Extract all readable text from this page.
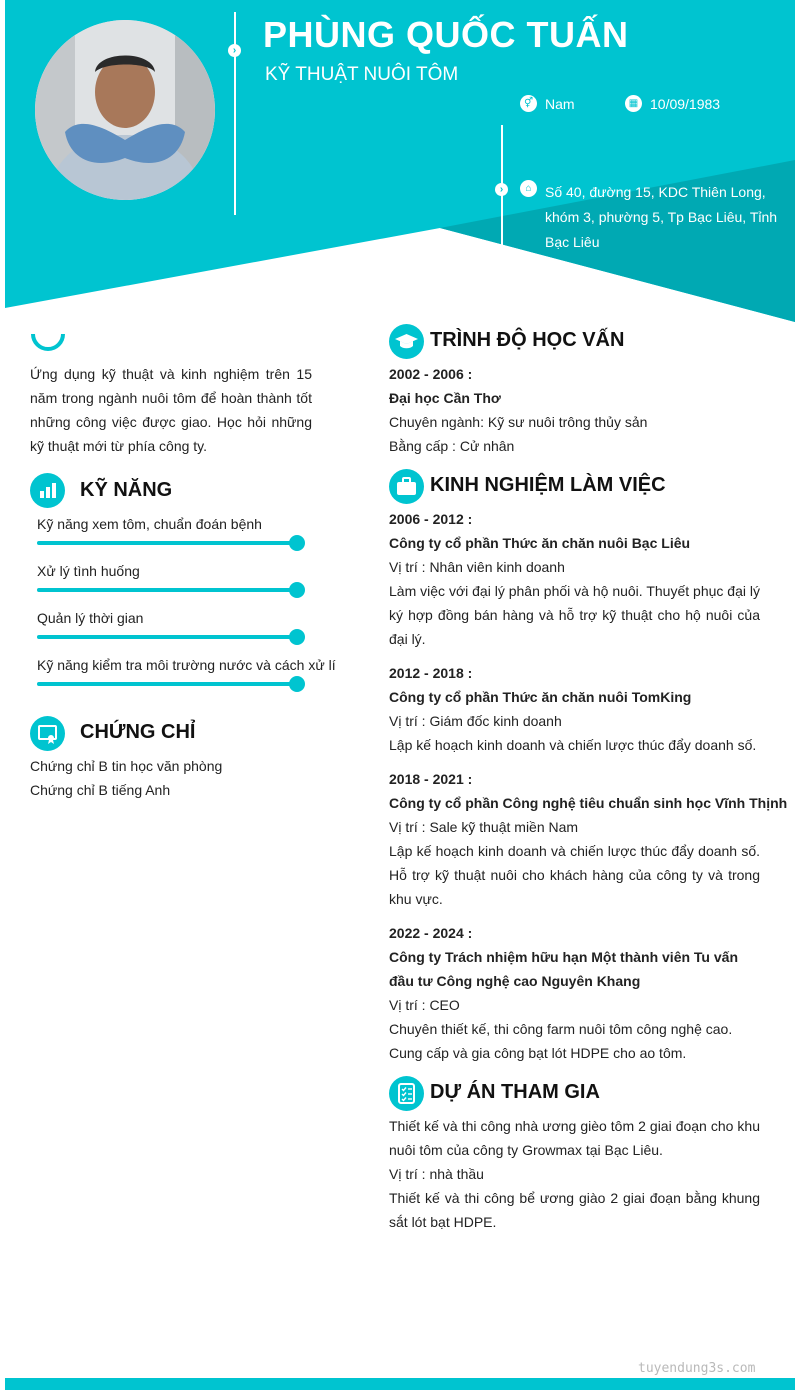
› PHÙNG QUỐC TUẤN
KỸ THUẬT NUÔI TÔM
⚥ Nam	▦ 10/09/1983
›	⌂ Số 40, đường 15, KDC Thiên Long, khóm 3, phường 5, Tp Bạc Liêu, Tỉnh Bạc Liêu
Ứng dụng kỹ thuật và kinh nghiệm trên 15 năm trong ngành nuôi tôm để hoàn thành tốt những công việc được giao. Học hỏi những kỹ thuật mới từ phía công ty.
KỸ NĂNG
Kỹ năng xem tôm, chuẩn đoán bệnh
Xử lý tình huống
Quản lý thời gian
Kỹ năng kiểm tra môi trường nước và cách xử lí
CHỨNG CHỈ
Chứng chỉ B tin học văn phòng
Chứng chỉ B tiếng Anh
TRÌNH ĐỘ HỌC VẤN
2002 - 2006 :
Đại học Cần Thơ
Chuyên ngành: Kỹ sư nuôi trông thủy sản
Bằng cấp : Cử nhân
KINH NGHIỆM LÀM VIỆC
2006 - 2012 :
Công ty cổ phần Thức ăn chăn nuôi Bạc Liêu
Vị trí : Nhân viên kinh doanh
Làm việc với đại lý phân phối và hộ nuôi. Thuyết phục đại lý ký hợp đồng bán hàng và hỗ trợ kỹ thuật cho hộ nuôi của đại lý.
2012 - 2018 :
Công ty cổ phần Thức ăn chăn nuôi TomKing
Vị trí : Giám đốc kinh doanh
Lập kế hoạch kinh doanh và chiến lược thúc đẩy doanh số.
2018 - 2021 :
Công ty cổ phần Công nghệ tiêu chuẩn sinh học Vĩnh Thịnh
Vị trí : Sale kỹ thuật miền Nam
Lập kế hoạch kinh doanh và chiến lược thúc đẩy doanh số. Hỗ trợ kỹ thuật nuôi cho khách hàng của công ty và trong khu vực.
2022 - 2024 :
Công ty Trách nhiệm hữu hạn Một thành viên Tu vấn đầu tư Công nghệ cao Nguyên Khang
Vị trí : CEO
Chuyên thiết kế, thi công farm nuôi tôm công nghệ cao.
Cung cấp và gia công bạt lót HDPE cho ao tôm.
DỰ ÁN THAM GIA
Thiết kế và thi công nhà ương gièo tôm 2 giai đoạn cho khu nuôi tôm của công ty Growmax tại Bạc Liêu.
Vị trí : nhà thầu
Thiết kế và thi công bể ương giào 2 giai đoạn bằng khung sắt lót bạt HDPE.
tuyendung3s.com
